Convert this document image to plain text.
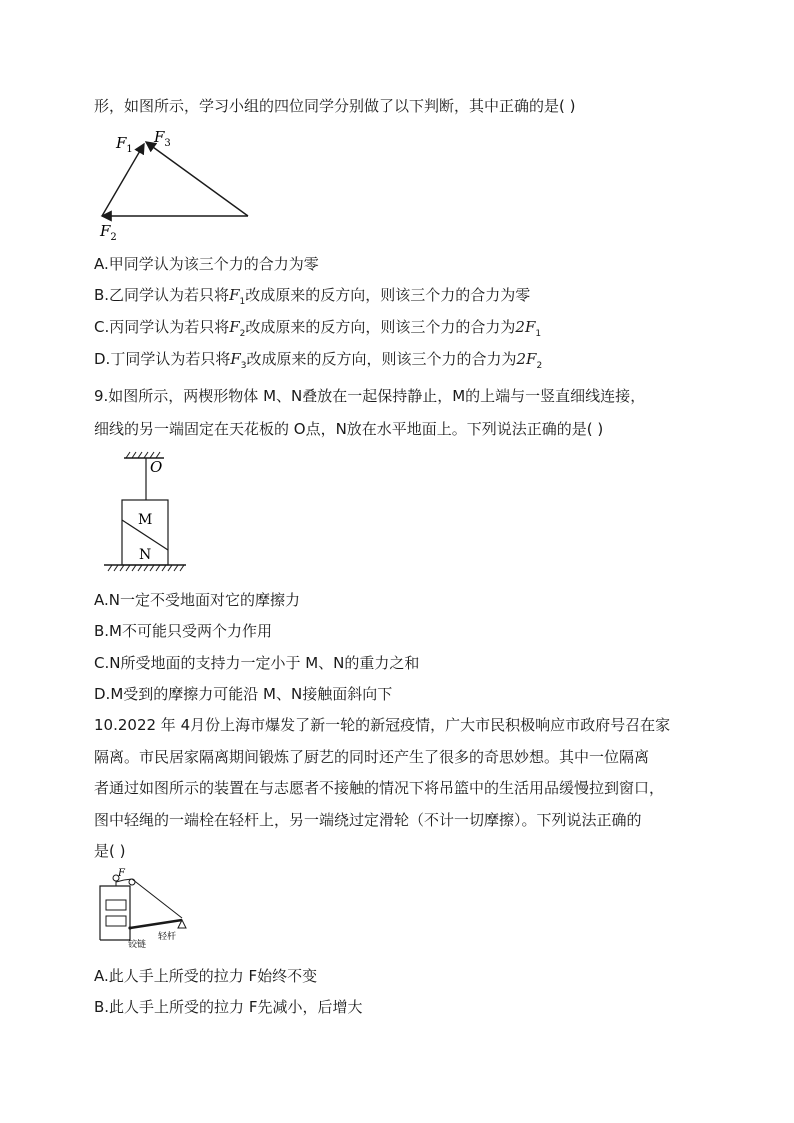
形，如图所示，学习小组的四位同学分别做了以下判断，其中正确的是( )
$F_1$
$F_3$
$F_2$
A.甲同学认为该三个力的合力为零
B.乙同学认为若只将$F_1$改成原来的反方向，则该三个力的合力为零
C.丙同学认为若只将$F_2$改成原来的反方向，则该三个力的合力为$2F_1$
D.丁同学认为若只将$F_3$改成原来的反方向，则该三个力的合力为$2F_2$
9.如图所示，两楔形物体 M、N叠放在一起保持静止，M的上端与一竖直细线连接，
细线的另一端固定在天花板的 O点，N放在水平地面上。下列说法正确的是( )
O
M
N
A.N一定不受地面对它的摩擦力
B.M不可能只受两个力作用
C.N所受地面的支持力一定小于 M、N的重力之和
D.M受到的摩擦力可能沿 M、N接触面斜向下
10.2022 年 4月份上海市爆发了新一轮的新冠疫情，广大市民积极响应市政府号召在家
隔离。市民居家隔离期间锻炼了厨艺的同时还产生了很多的奇思妙想。其中一位隔离
者通过如图所示的装置在与志愿者不接触的情况下将吊篮中的生活用品缓慢拉到窗口，
图中轻绳的一端栓在轻杆上，另一端绕过定滑轮（不计一切摩擦）。下列说法正确的
是( )
F
轻杆
铰链
A.此人手上所受的拉力 F始终不变
B.此人手上所受的拉力 F先减小，后增大
